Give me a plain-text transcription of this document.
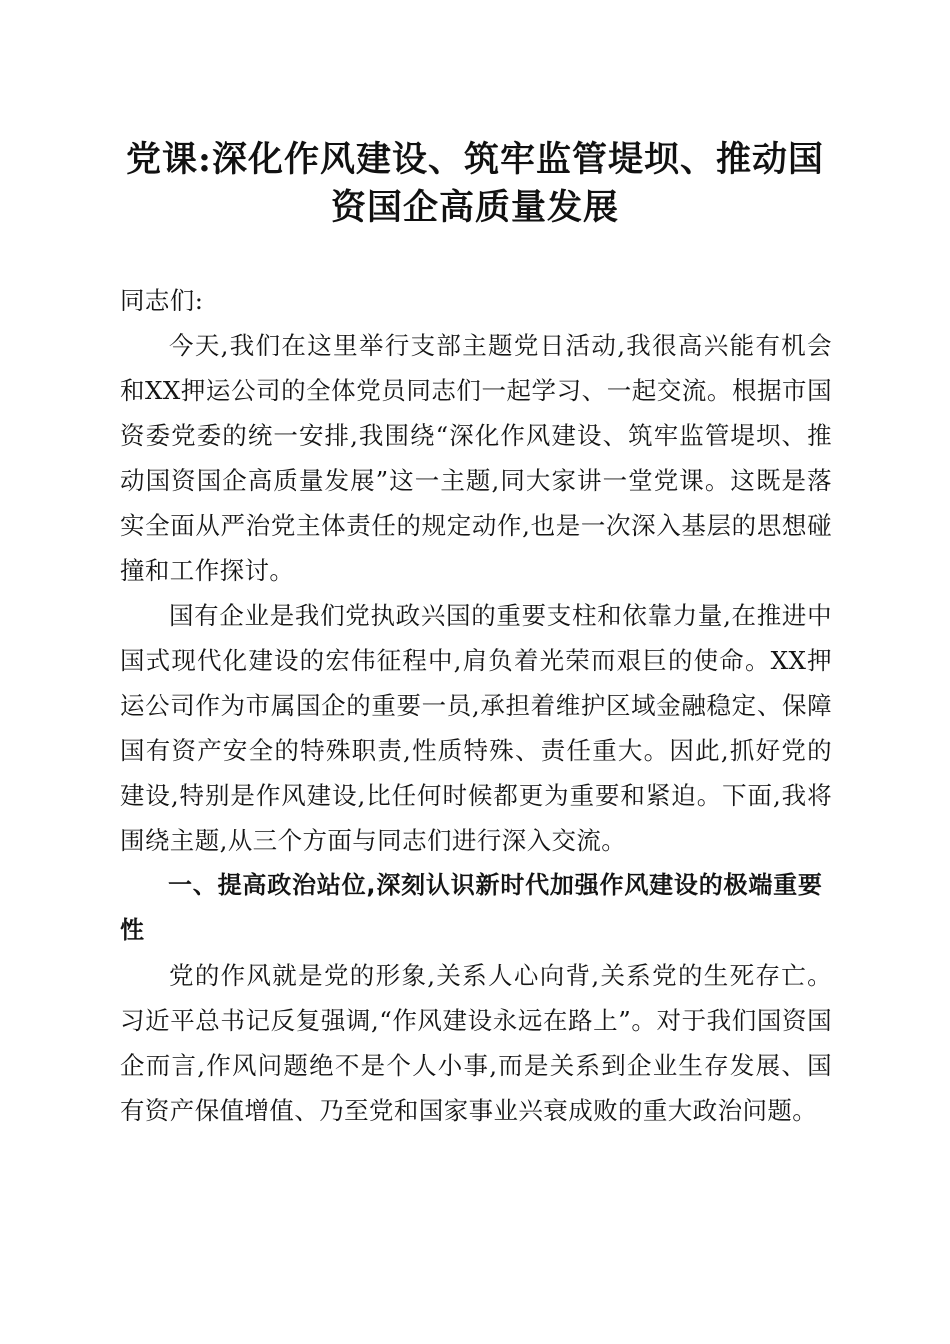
党课:深化作风建设、筑牢监管堤坝、推动国
资国企高质量发展

同志们:

今天,我们在这里举行支部主题党日活动,我很高兴能有机会和XX押运公司的全体党员同志们一起学习、一起交流。根据市国资委党委的统一安排,我围绕“深化作风建设、筑牢监管堤坝、推动国资国企高质量发展”这一主题,同大家讲一堂党课。这既是落实全面从严治党主体责任的规定动作,也是一次深入基层的思想碰撞和工作探讨。

国有企业是我们党执政兴国的重要支柱和依靠力量,在推进中国式现代化建设的宏伟征程中,肩负着光荣而艰巨的使命。XX押运公司作为市属国企的重要一员,承担着维护区域金融稳定、保障国有资产安全的特殊职责,性质特殊、责任重大。因此,抓好党的建设,特别是作风建设,比任何时候都更为重要和紧迫。下面,我将围绕主题,从三个方面与同志们进行深入交流。

一、提高政治站位,深刻认识新时代加强作风建设的极端重要性

党的作风就是党的形象,关系人心向背,关系党的生死存亡。习近平总书记反复强调,“作风建设永远在路上”。对于我们国资国企而言,作风问题绝不是个人小事,而是关系到企业生存发展、国有资产保值增值、乃至党和国家事业兴衰成败的重大政治问题。
